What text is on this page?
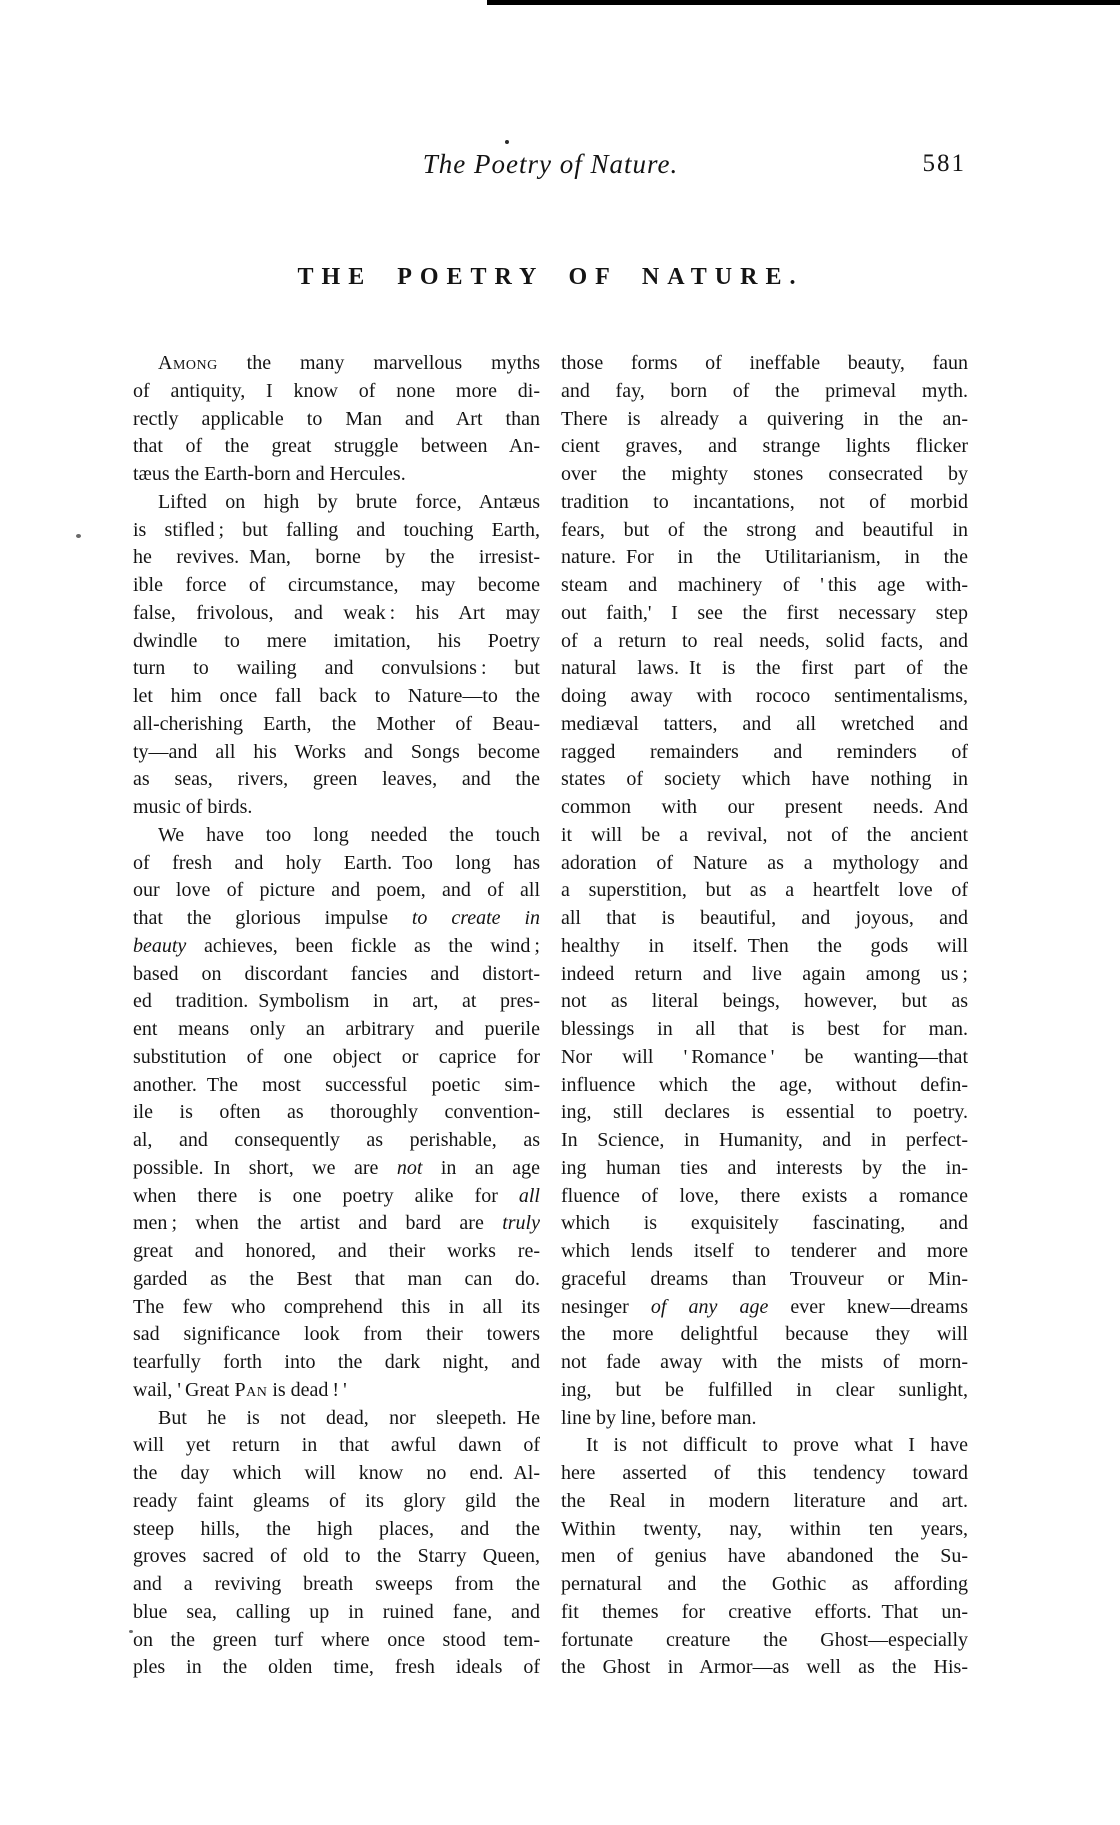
The Poetry of Nature.	581
THE POETRY OF NATURE.
Among the many marvellous myths
of antiquity, I know of none more di-
rectly applicable to Man and Art than
that of the great struggle between An-
tæus the Earth-born and Hercules.
Lifted on high by brute force, Antæus
is stifled ; but falling and touching Earth,
he revives. Man, borne by the irresist-
ible force of circumstance, may become
false, frivolous, and weak : his Art may
dwindle to mere imitation, his Poetry
turn to wailing and convulsions : but
let him once fall back to Nature—to the
all-cherishing Earth, the Mother of Beau-
ty—and all his Works and Songs become
as seas, rivers, green leaves, and the
music of birds.
We have too long needed the touch
of fresh and holy Earth. Too long has
our love of picture and poem, and of all
that the glorious impulse to create in
beauty achieves, been fickle as the wind ;
based on discordant fancies and distort-
ed tradition. Symbolism in art, at pres-
ent means only an arbitrary and puerile
substitution of one object or caprice for
another. The most successful poetic sim-
ile is often as thoroughly convention-
al, and consequently as perishable, as
possible. In short, we are not in an age
when there is one poetry alike for all
men ; when the artist and bard are truly
great and honored, and their works re-
garded as the Best that man can do.
The few who comprehend this in all its
sad significance look from their towers
tearfully forth into the dark night, and
wail, ' Great Pan is dead ! '
But he is not dead, nor sleepeth. He
will yet return in that awful dawn of
the day which will know no end. Al-
ready faint gleams of its glory gild the
steep hills, the high places, and the
groves sacred of old to the Starry Queen,
and a reviving breath sweeps from the
blue sea, calling up in ruined fane, and
on the green turf where once stood tem-
ples in the olden time, fresh ideals of
those forms of ineffable beauty, faun
and fay, born of the primeval myth.
There is already a quivering in the an-
cient graves, and strange lights flicker
over the mighty stones consecrated by
tradition to incantations, not of morbid
fears, but of the strong and beautiful in
nature. For in the Utilitarianism, in the
steam and machinery of ' this age with-
out faith,' I see the first necessary step
of a return to real needs, solid facts, and
natural laws. It is the first part of the
doing away with rococo sentimentalisms,
mediæval tatters, and all wretched and
ragged remainders and reminders of
states of society which have nothing in
common with our present needs. And
it will be a revival, not of the ancient
adoration of Nature as a mythology and
a superstition, but as a heartfelt love of
all that is beautiful, and joyous, and
healthy in itself. Then the gods will
indeed return and live again among us ;
not as literal beings, however, but as
blessings in all that is best for man.
Nor will ' Romance ' be wanting—that
influence which the age, without defin-
ing, still declares is essential to poetry.
In Science, in Humanity, and in perfect-
ing human ties and interests by the in-
fluence of love, there exists a romance
which is exquisitely fascinating, and
which lends itself to tenderer and more
graceful dreams than Trouveur or Min-
nesinger of any age ever knew—dreams
the more delightful because they will
not fade away with the mists of morn-
ing, but be fulfilled in clear sunlight,
line by line, before man.
It is not difficult to prove what I have
here asserted of this tendency toward
the Real in modern literature and art.
Within twenty, nay, within ten years,
men of genius have abandoned the Su-
pernatural and the Gothic as affording
fit themes for creative efforts. That un-
fortunate creature the Ghost—especially
the Ghost in Armor—as well as the His-
